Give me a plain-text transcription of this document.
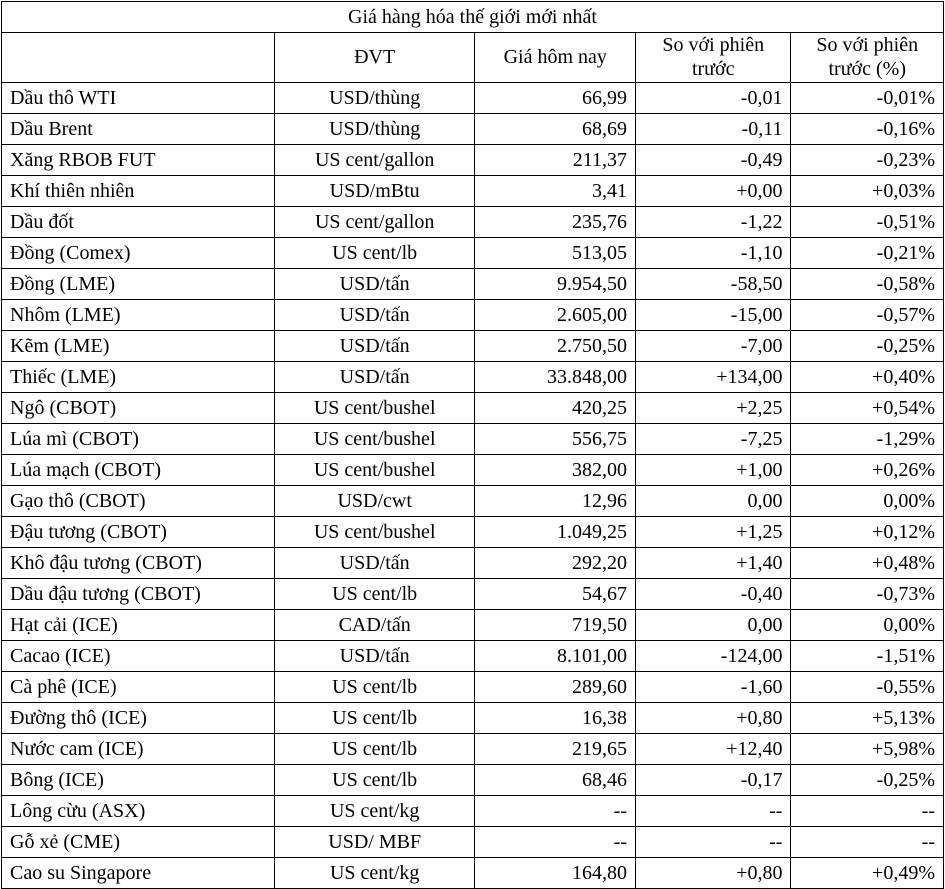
Giá hàng hóa thế giới mới nhất				
	ĐVT	Giá hôm nay	So với phiên trước	So với phiên trước (%)
Dầu thô WTI	USD/thùng	66,99	-0,01	-0,01%
Dầu Brent	USD/thùng	68,69	-0,11	-0,16%
Xăng RBOB FUT	US cent/gallon	211,37	-0,49	-0,23%
Khí thiên nhiên	USD/mBtu	3,41	+0,00	+0,03%
Dầu đốt	US cent/gallon	235,76	-1,22	-0,51%
Đồng (Comex)	US cent/lb	513,05	-1,10	-0,21%
Đồng (LME)	USD/tấn	9.954,50	-58,50	-0,58%
Nhôm (LME)	USD/tấn	2.605,00	-15,00	-0,57%
Kẽm (LME)	USD/tấn	2.750,50	-7,00	-0,25%
Thiếc (LME)	USD/tấn	33.848,00	+134,00	+0,40%
Ngô (CBOT)	US cent/bushel	420,25	+2,25	+0,54%
Lúa mì (CBOT)	US cent/bushel	556,75	-7,25	-1,29%
Lúa mạch (CBOT)	US cent/bushel	382,00	+1,00	+0,26%
Gạo thô (CBOT)	USD/cwt	12,96	0,00	0,00%
Đậu tương (CBOT)	US cent/bushel	1.049,25	+1,25	+0,12%
Khô đậu tương (CBOT)	USD/tấn	292,20	+1,40	+0,48%
Dầu đậu tương (CBOT)	US cent/lb	54,67	-0,40	-0,73%
Hạt cải (ICE)	CAD/tấn	719,50	0,00	0,00%
Cacao (ICE)	USD/tấn	8.101,00	-124,00	-1,51%
Cà phê (ICE)	US cent/lb	289,60	-1,60	-0,55%
Đường thô (ICE)	US cent/lb	16,38	+0,80	+5,13%
Nước cam (ICE)	US cent/lb	219,65	+12,40	+5,98%
Bông (ICE)	US cent/lb	68,46	-0,17	-0,25%
Lông cừu (ASX)	US cent/kg	--	--	--
Gỗ xẻ (CME)	USD/ MBF	--	--	--
Cao su Singapore	US cent/kg	164,80	+0,80	+0,49%
